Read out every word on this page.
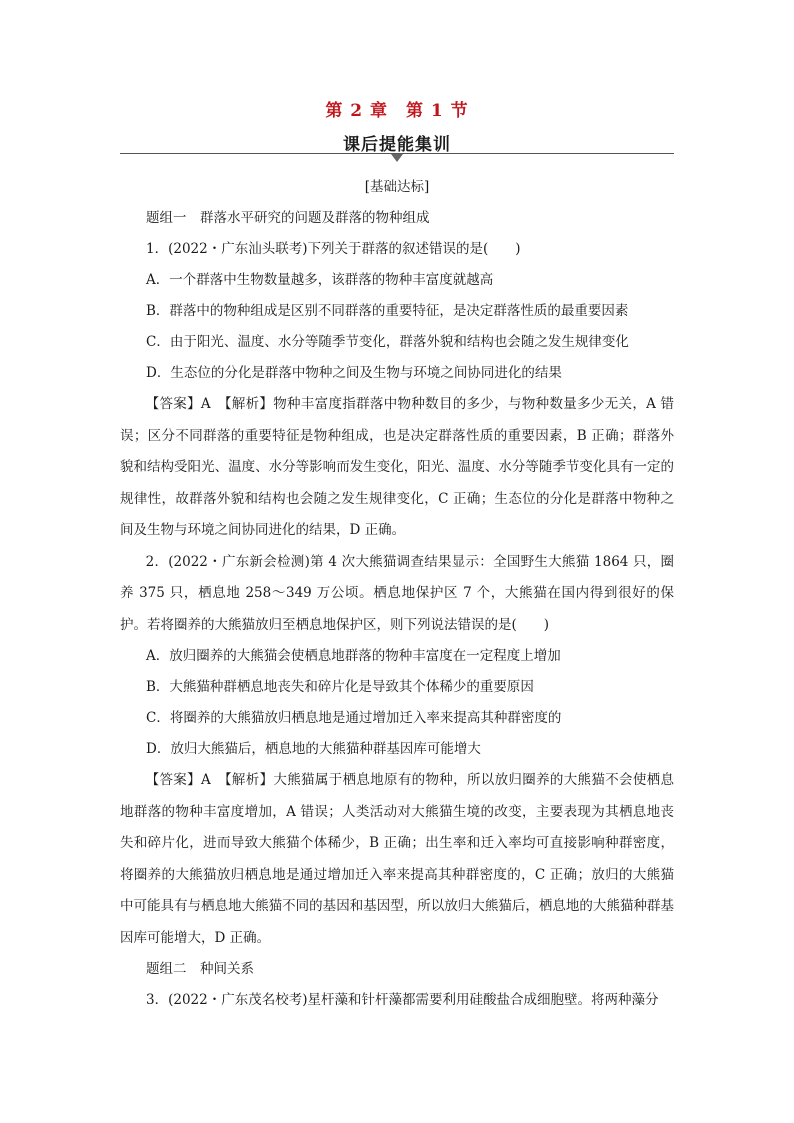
第 2 章　第 1 节
课后提能集训
[基础达标]
题组一　群落水平研究的问题及群落的物种组成
1．(2022・广东汕头联考)下列关于群落的叙述错误的是(　　)
A．一个群落中生物数量越多，该群落的物种丰富度就越高
B．群落中的物种组成是区别不同群落的重要特征，是决定群落性质的最重要因素
C．由于阳光、温度、水分等随季节变化，群落外貌和结构也会随之发生规律变化
D．生态位的分化是群落中物种之间及生物与环境之间协同进化的结果
【答案】A　【解析】物种丰富度指群落中物种数目的多少，与物种数量多少无关，A 错误；区分不同群落的重要特征是物种组成，也是决定群落性质的重要因素，B 正确；群落外貌和结构受阳光、温度、水分等影响而发生变化，阳光、温度、水分等随季节变化具有一定的规律性，故群落外貌和结构也会随之发生规律变化，C 正确；生态位的分化是群落中物种之间及生物与环境之间协同进化的结果，D 正确。
2．(2022・广东新会检测)第 4 次大熊猫调查结果显示：全国野生大熊猫 1864 只，圈养 375 只，栖息地 258～349 万公顷。栖息地保护区 7 个，大熊猫在国内得到很好的保护。若将圈养的大熊猫放归至栖息地保护区，则下列说法错误的是(　　)
A．放归圈养的大熊猫会使栖息地群落的物种丰富度在一定程度上增加
B．大熊猫种群栖息地丧失和碎片化是导致其个体稀少的重要原因
C．将圈养的大熊猫放归栖息地是通过增加迁入率来提高其种群密度的
D．放归大熊猫后，栖息地的大熊猫种群基因库可能增大
【答案】A　【解析】大熊猫属于栖息地原有的物种，所以放归圈养的大熊猫不会使栖息地群落的物种丰富度增加，A 错误；人类活动对大熊猫生境的改变，主要表现为其栖息地丧失和碎片化，进而导致大熊猫个体稀少，B 正确；出生率和迁入率均可直接影响种群密度，将圈养的大熊猫放归栖息地是通过增加迁入率来提高其种群密度的，C 正确；放归的大熊猫中可能具有与栖息地大熊猫不同的基因和基因型，所以放归大熊猫后，栖息地的大熊猫种群基因库可能增大，D 正确。
题组二　种间关系
3．(2022・广东茂名校考)星杆藻和针杆藻都需要利用硅酸盐合成细胞壁。将两种藻分
